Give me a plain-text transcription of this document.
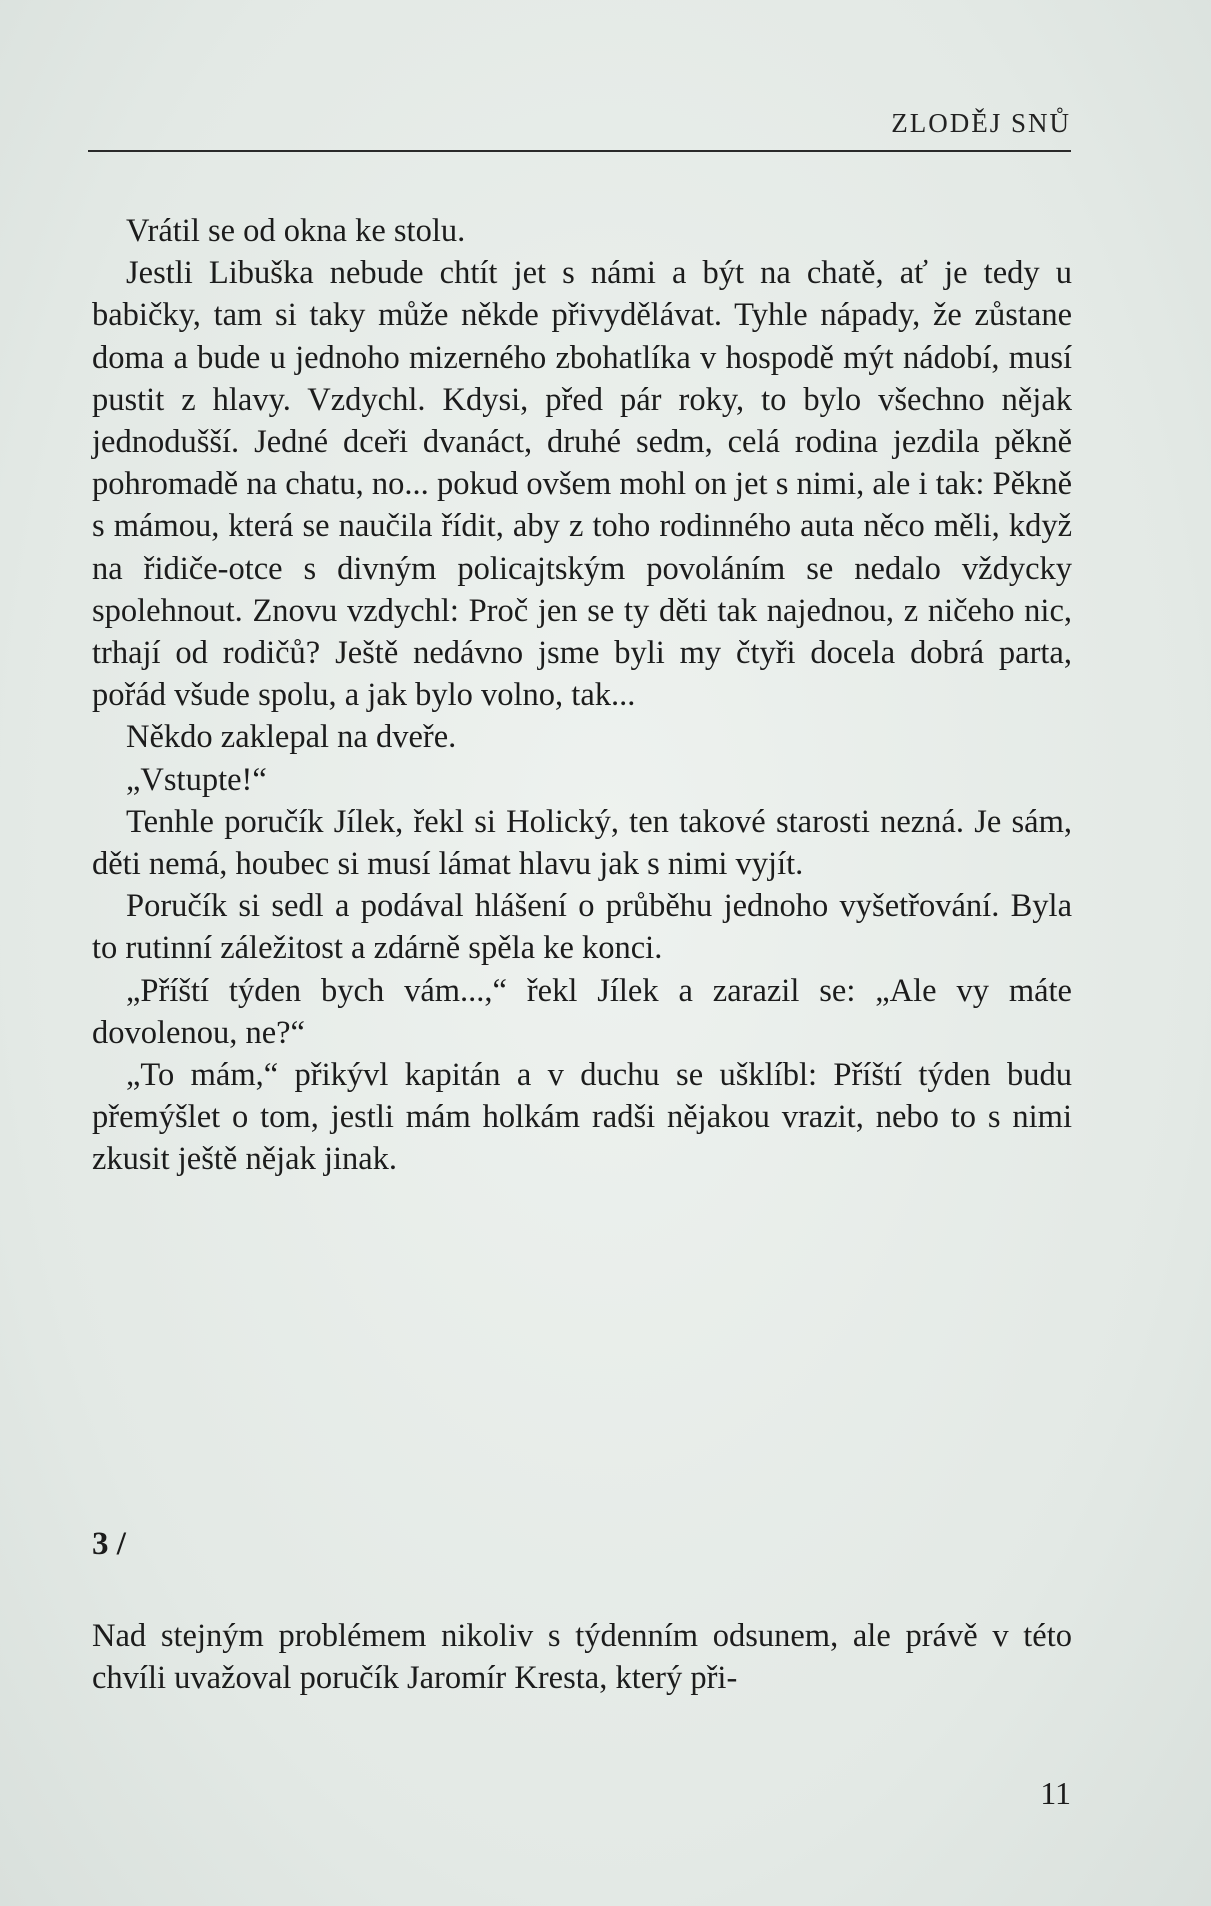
ZLODĚJ SNŮ

Vrátil se od okna ke stolu.

Jestli Libuška nebude chtít jet s námi a být na chatě, ať je tedy u babičky, tam si taky může někde přivydělávat. Tyhle nápady, že zůstane doma a bude u jednoho mizerného zbohatlíka v hospodě mýt nádobí, musí pustit z hlavy. Vzdychl. Kdysi, před pár roky, to bylo všechno nějak jednodušší. Jedné dceři dvanáct, druhé sedm, celá rodina jezdila pěkně pohromadě na chatu, no... pokud ovšem mohl on jet s nimi, ale i tak: Pěkně s mámou, která se naučila řídit, aby z toho rodinného auta něco měli, když na řidiče-otce s divným policajtským povoláním se nedalo vždycky spolehnout. Znovu vzdychl: Proč jen se ty děti tak najednou, z ničeho nic, trhají od rodičů? Ještě nedávno jsme byli my čtyři docela dobrá parta, pořád všude spolu, a jak bylo volno, tak...

Někdo zaklepal na dveře.

„Vstupte!“

Tenhle poručík Jílek, řekl si Holický, ten takové starosti nezná. Je sám, děti nemá, houbec si musí lámat hlavu jak s nimi vyjít.

Poručík si sedl a podával hlášení o průběhu jednoho vyšetřování. Byla to rutinní záležitost a zdárně spěla ke konci.

„Příští týden bych vám...,“ řekl Jílek a zarazil se: „Ale vy máte dovolenou, ne?“

„To mám,“ přikývl kapitán a v duchu se ušklíbl: Příští týden budu přemýšlet o tom, jestli mám holkám radši nějakou vrazit, nebo to s nimi zkusit ještě nějak jinak.

3 /

Nad stejným problémem nikoliv s týdenním odsunem, ale právě v této chvíli uvažoval poručík Jaromír Kresta, který při-

11
